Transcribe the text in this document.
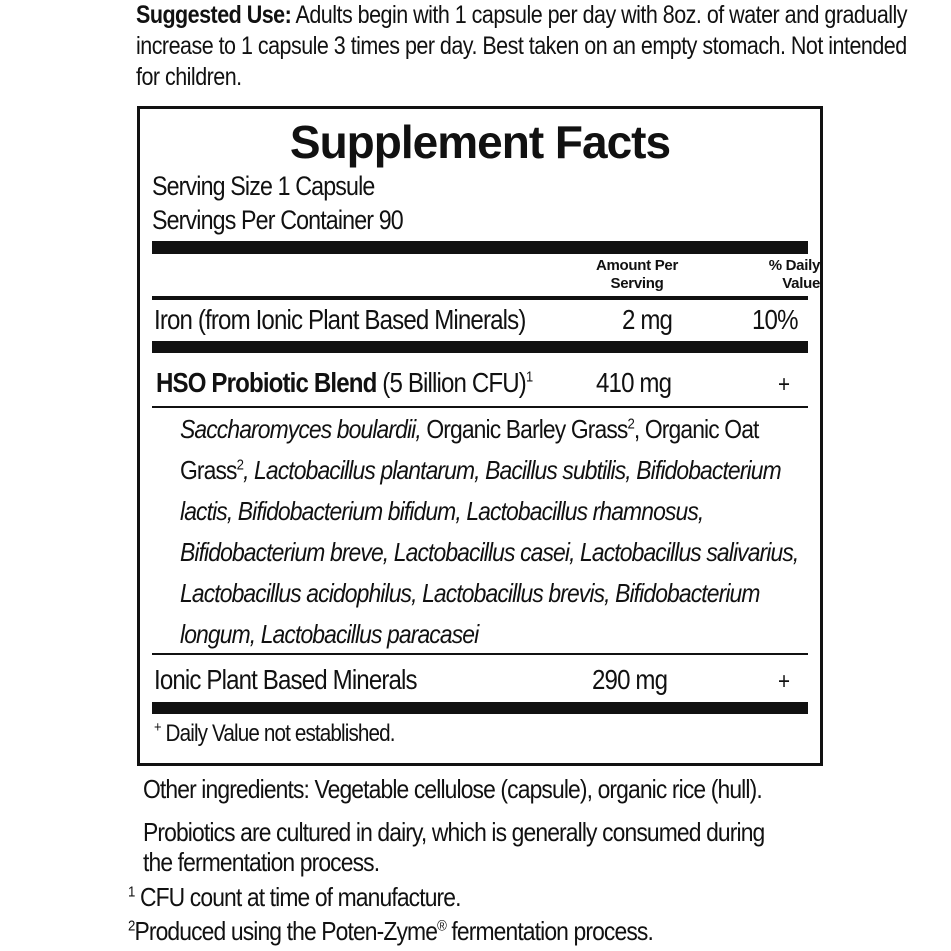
Suggested Use: Adults begin with 1 capsule per day with 8oz. of water and gradually increase to 1 capsule 3 times per day. Best taken on an empty stomach. Not intended for children.
Supplement Facts
Serving Size 1 Capsule
Servings Per Container 90
Amount Per Serving
% Daily Value
Iron (from Ionic Plant Based Minerals)	2 mg	10%
HSO Probiotic Blend (5 Billion CFU)$^1$ 410 mg	+
Saccharomyces boulardii, Organic Barley Grass$^2$, Organic Oat Grass$^2$, Lactobacillus plantarum, Bacillus subtilis, Bifidobacterium lactis, Bifidobacterium bifidum, Lactobacillus rhamnosus, Bifidobacterium breve, Lactobacillus casei, Lactobacillus salivarius, Lactobacillus acidophilus, Lactobacillus brevis, Bifidobacterium longum, Lactobacillus paracasei
Ionic Plant Based Minerals	290 mg	+
+ Daily Value not established.
Other ingredients: Vegetable cellulose (capsule), organic rice (hull).
Probiotics are cultured in dairy, which is generally consumed during
the fermentation process.
$^1$ CFU count at time of manufacture.
$^2$Produced using the Poten-Zyme® fermentation process.
